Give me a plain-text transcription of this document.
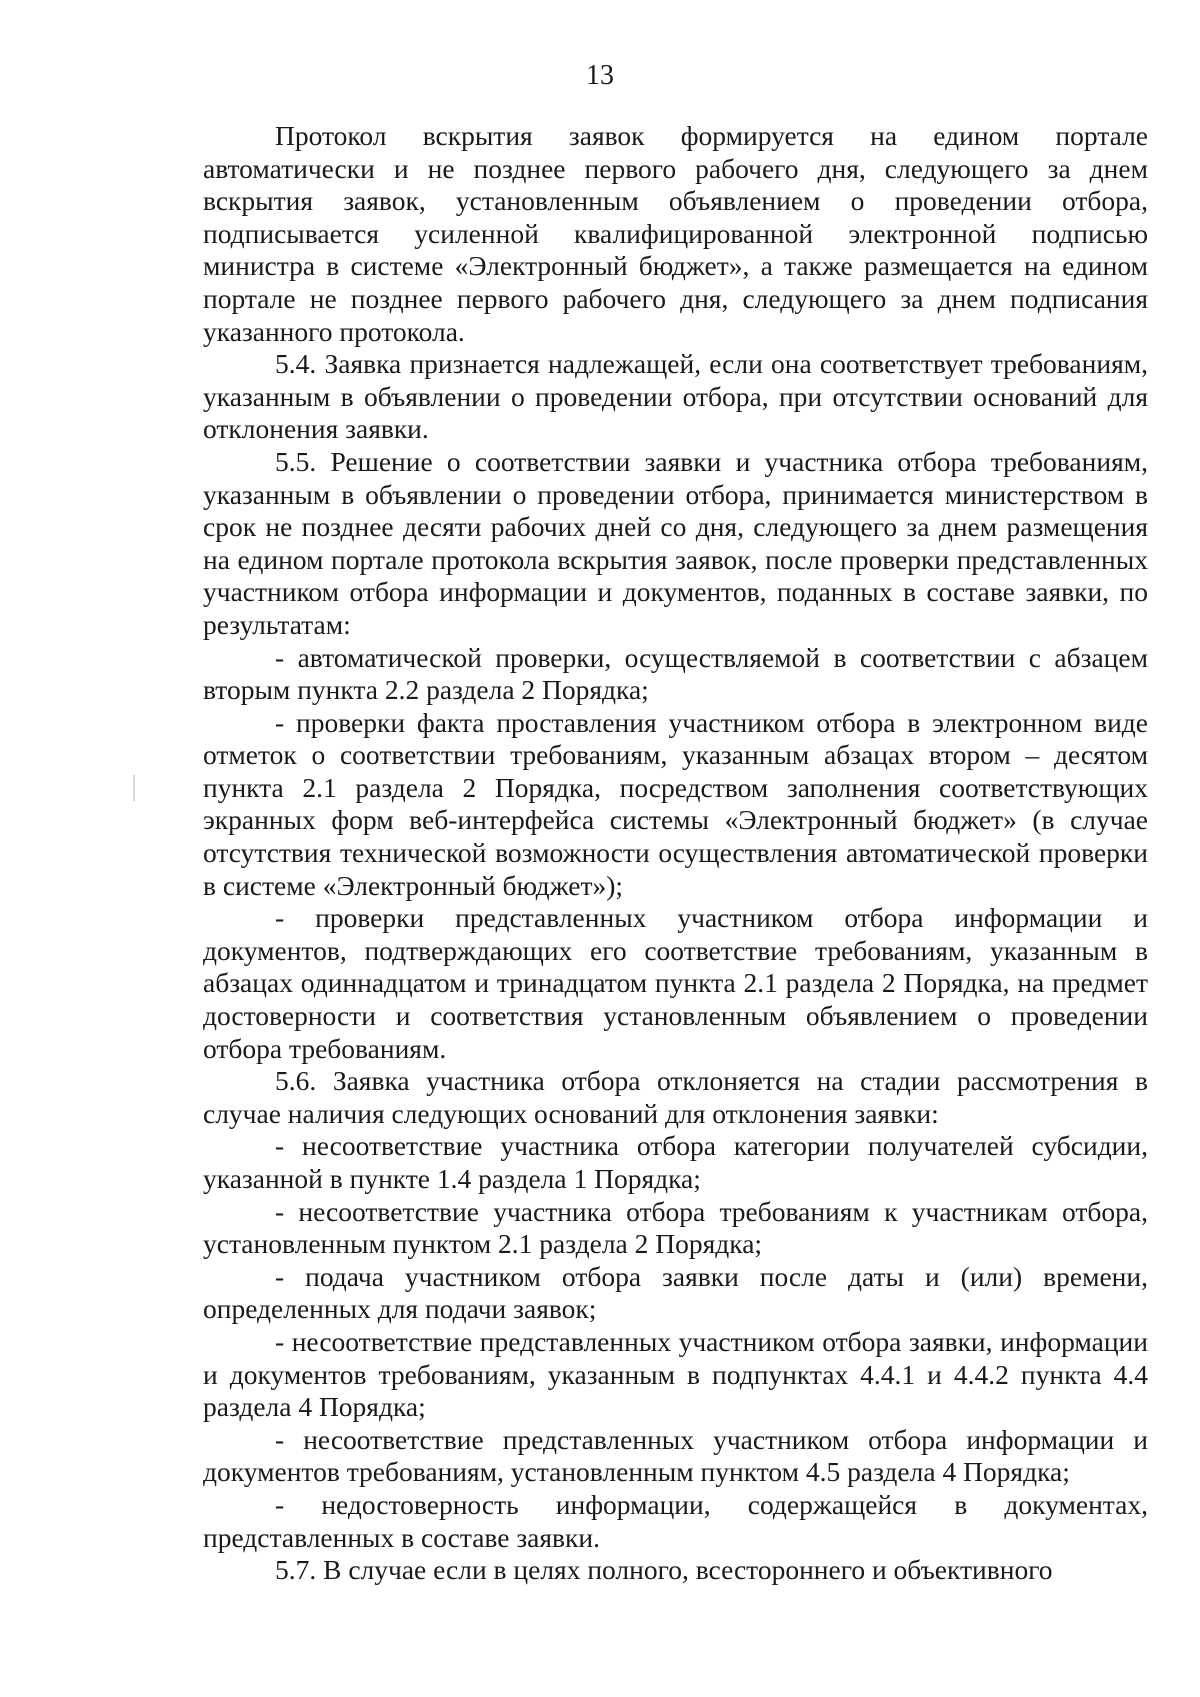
13

Протокол вскрытия заявок формируется на едином портале автоматически и не позднее первого рабочего дня, следующего за днем вскрытия заявок, установленным объявлением о проведении отбора, подписывается усиленной квалифицированной электронной подписью министра в системе «Электронный бюджет», а также размещается на едином портале не позднее первого рабочего дня, следующего за днем подписания указанного протокола.

5.4. Заявка признается надлежащей, если она соответствует требованиям, указанным в объявлении о проведении отбора, при отсутствии оснований для отклонения заявки.

5.5. Решение о соответствии заявки и участника отбора требованиям, указанным в объявлении о проведении отбора, принимается министерством в срок не позднее десяти рабочих дней со дня, следующего за днем размещения на едином портале протокола вскрытия заявок, после проверки представленных участником отбора информации и документов, поданных в составе заявки, по результатам:

- автоматической проверки, осуществляемой в соответствии с абзацем вторым пункта 2.2 раздела 2 Порядка;

- проверки факта проставления участником отбора в электронном виде отметок о соответствии требованиям, указанным абзацах втором – десятом пункта 2.1 раздела 2 Порядка, посредством заполнения соответствующих экранных форм веб-интерфейса системы «Электронный бюджет» (в случае отсутствия технической возможности осуществления автоматической проверки в системе «Электронный бюджет»);

- проверки представленных участником отбора информации и документов, подтверждающих его соответствие требованиям, указанным в абзацах одиннадцатом и тринадцатом пункта 2.1 раздела 2 Порядка, на предмет достоверности и соответствия установленным объявлением о проведении отбора требованиям.

5.6. Заявка участника отбора отклоняется на стадии рассмотрения в случае наличия следующих оснований для отклонения заявки:

- несоответствие участника отбора категории получателей субсидии, указанной в пункте 1.4 раздела 1 Порядка;

- несоответствие участника отбора требованиям к участникам отбора, установленным пунктом 2.1 раздела 2 Порядка;

- подача участником отбора заявки после даты и (или) времени, определенных для подачи заявок;

- несоответствие представленных участником отбора заявки, информации и документов требованиям, указанным в подпунктах 4.4.1 и 4.4.2 пункта 4.4 раздела 4 Порядка;

- несоответствие представленных участником отбора информации и документов требованиям, установленным пунктом 4.5 раздела 4 Порядка;

- недостоверность информации, содержащейся в документах, представленных в составе заявки.

5.7. В случае если в целях полного, всестороннего и объективного
